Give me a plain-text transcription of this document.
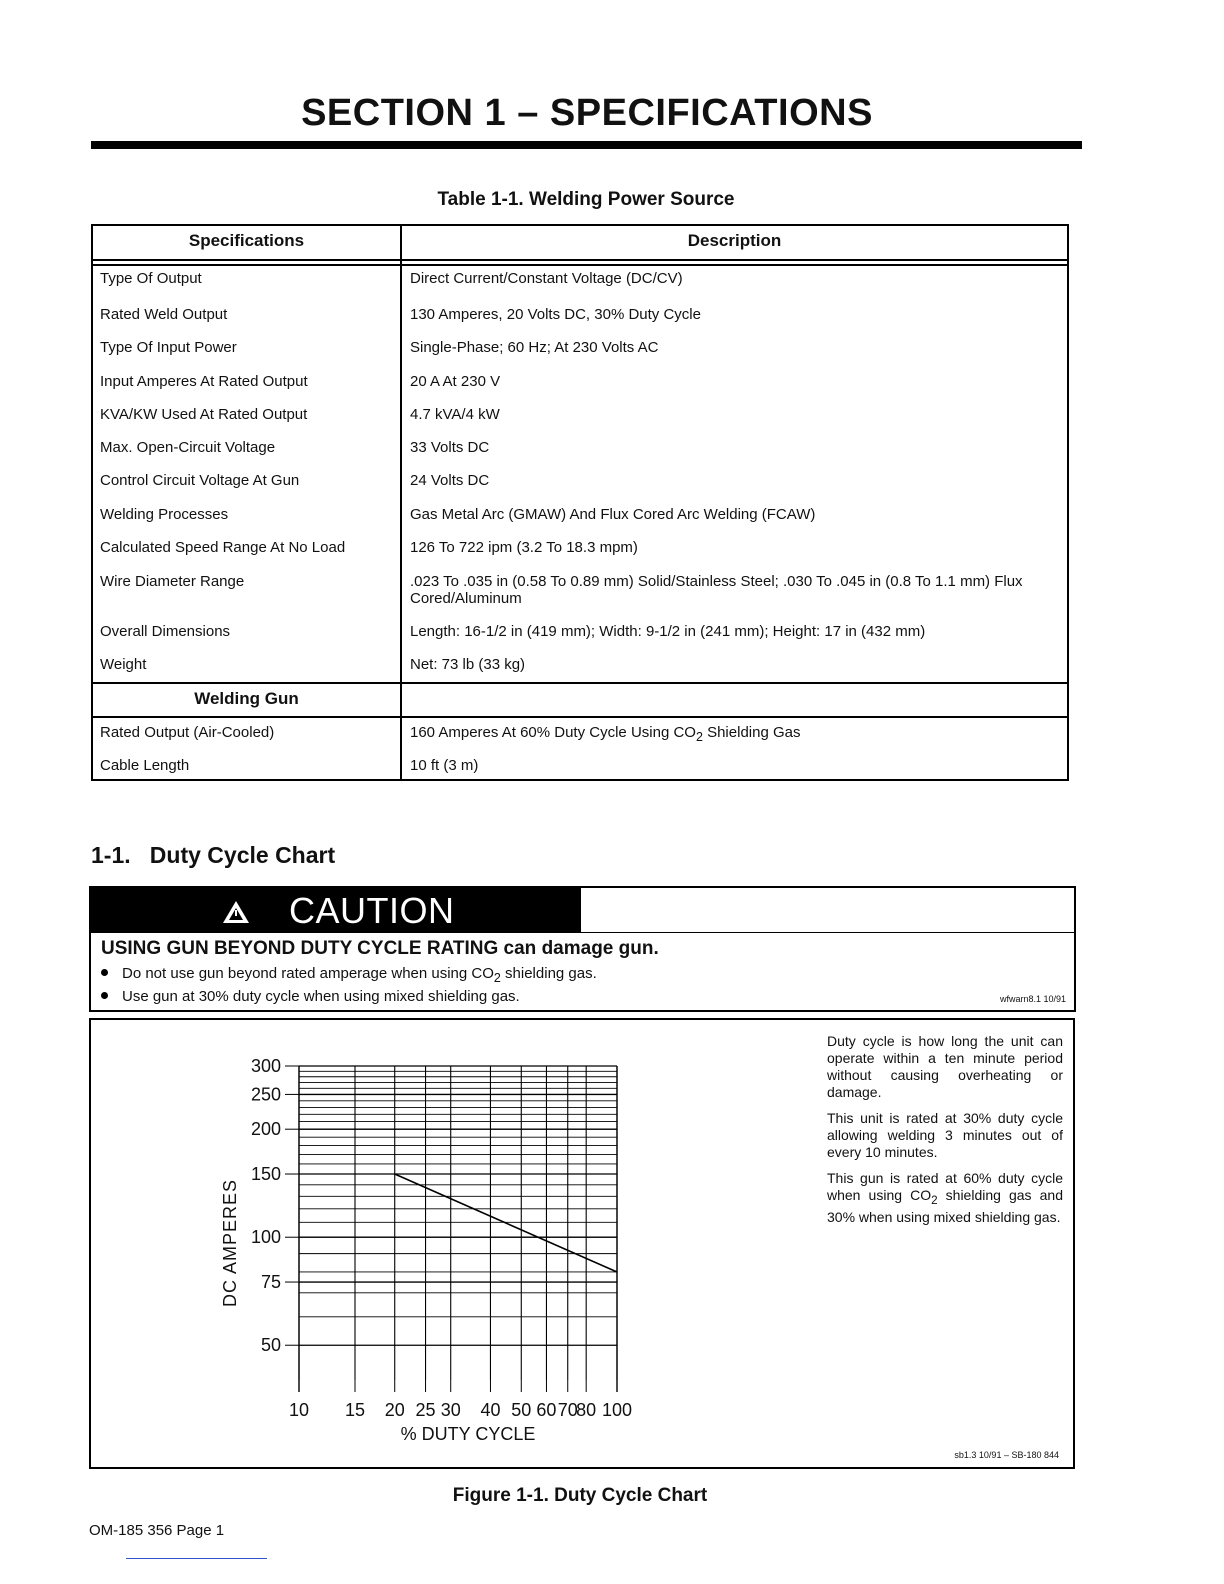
SECTION 1 – SPECIFICATIONS
Table 1-1. Welding Power Source
Specifications	Description
Type Of Output	Direct Current/Constant Voltage (DC/CV)
Rated Weld Output	130 Amperes, 20 Volts DC, 30% Duty Cycle
Type Of Input Power	Single-Phase; 60 Hz; At 230 Volts AC
Input Amperes At Rated Output	20 A At 230 V
KVA/KW Used At Rated Output	4.7 kVA/4 kW
Max. Open-Circuit Voltage	33 Volts DC
Control Circuit Voltage At Gun	24 Volts DC
Welding Processes	Gas Metal Arc (GMAW) And Flux Cored Arc Welding (FCAW)
Calculated Speed Range At No Load	126 To 722 ipm (3.2 To 18.3 mpm)
Wire Diameter Range	.023 To .035 in (0.58 To 0.89 mm) Solid/Stainless Steel; .030 To .045 in (0.8 To 1.1 mm) Flux Cored/Aluminum
Overall Dimensions	Length: 16-1/2 in (419 mm); Width: 9-1/2 in (241 mm); Height: 17 in (432 mm)
Weight	Net: 73 lb (33 kg)
Welding Gun
Rated Output (Air-Cooled)	160 Amperes At 60% Duty Cycle Using $CO_2$ Shielding Gas
Cable Length	10 ft (3 m)
1-1.   Duty Cycle Chart
CAUTION
USING GUN BEYOND DUTY CYCLE RATING can damage gun.
Do not use gun beyond rated amperage when using $CO_2$ shielding gas.
Use gun at 30% duty cycle when using mixed shielding gas.	wfwarn8.1 10/91
10 15 20 25 30 40 50 60 70
80 100
50
75
100
150
200
250
300
% DUTY CYCLE
DC AMPERES
Duty cycle is how long the unit can operate within a ten minute period without causing overheating or damage.
This unit is rated at 30% duty cycle allowing welding 3 minutes out of every 10 minutes.
This gun is rated at 60% duty cycle when using $CO_2$ shielding gas and 30% when using mixed shielding gas.
sb1.3 10/91 – SB-180 844
Figure 1-1. Duty Cycle Chart
OM-185 356 Page 1
